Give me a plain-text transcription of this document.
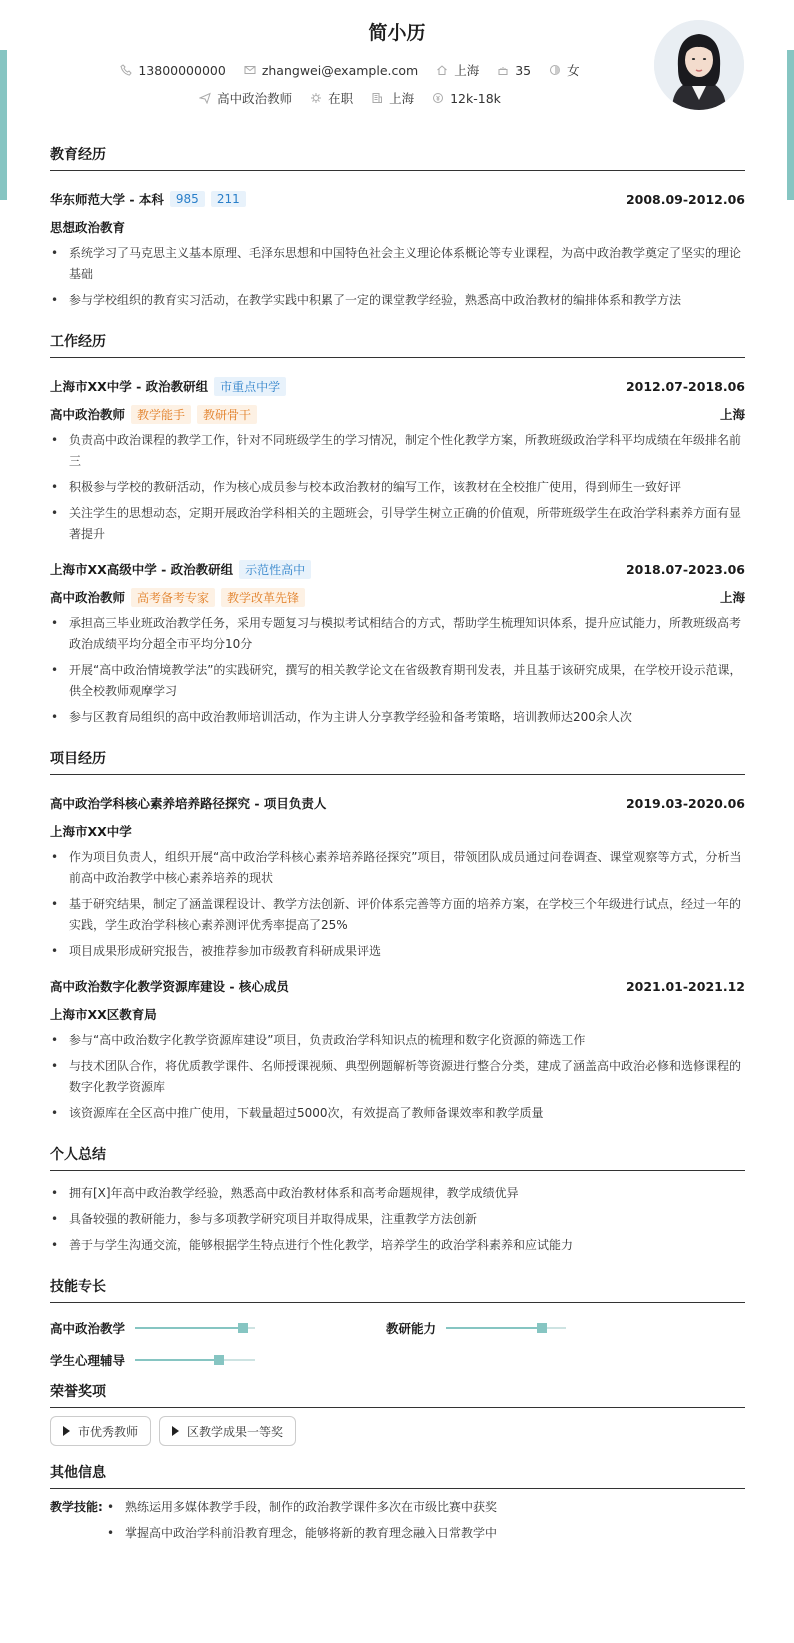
简小历
13800000000	zhangwei@example.com	上海	35	女
高中政治教师	在职	上海	12k-18k
教育经历
华东师范大学 - 本科	985	211	2008.09-2012.06
思想政治教育
• 系统学习了马克思主义基本原理、毛泽东思想和中国特色社会主义理论体系概论等专业课程，为高中政治教学奠定了坚实的理论基础
• 参与学校组织的教育实习活动，在教学实践中积累了一定的课堂教学经验，熟悉高中政治教材的编排体系和教学方法
工作经历
上海市XX中学 - 政治教研组	市重点中学	2012.07-2018.06
高中政治教师	教学能手	教研骨干	上海
• 负责高中政治课程的教学工作，针对不同班级学生的学习情况，制定个性化教学方案，所教班级政治学科平均成绩在年级排名前三
• 积极参与学校的教研活动，作为核心成员参与校本政治教材的编写工作，该教材在全校推广使用，得到师生一致好评
• 关注学生的思想动态，定期开展政治学科相关的主题班会，引导学生树立正确的价值观，所带班级学生在政治学科素养方面有显著提升
上海市XX高级中学 - 政治教研组	示范性高中	2018.07-2023.06
高中政治教师	高考备考专家	教学改革先锋	上海
• 承担高三毕业班政治教学任务，采用专题复习与模拟考试相结合的方式，帮助学生梳理知识体系，提升应试能力，所教班级高考政治成绩平均分超全市平均分10分
• 开展“高中政治情境教学法”的实践研究，撰写的相关教学论文在省级教育期刊发表，并且基于该研究成果，在学校开设示范课，供全校教师观摩学习
• 参与区教育局组织的高中政治教师培训活动，作为主讲人分享教学经验和备考策略，培训教师达200余人次
项目经历
高中政治学科核心素养培养路径探究 - 项目负责人	2019.03-2020.06
上海市XX中学
• 作为项目负责人，组织开展“高中政治学科核心素养培养路径探究”项目，带领团队成员通过问卷调查、课堂观察等方式，分析当前高中政治教学中核心素养培养的现状
• 基于研究结果，制定了涵盖课程设计、教学方法创新、评价体系完善等方面的培养方案，在学校三个年级进行试点，经过一年的实践，学生政治学科核心素养测评优秀率提高了25%
• 项目成果形成研究报告，被推荐参加市级教育科研成果评选
高中政治数字化教学资源库建设 - 核心成员	2021.01-2021.12
上海市XX区教育局
• 参与“高中政治数字化教学资源库建设”项目，负责政治学科知识点的梳理和数字化资源的筛选工作
• 与技术团队合作，将优质教学课件、名师授课视频、典型例题解析等资源进行整合分类，建成了涵盖高中政治必修和选修课程的数字化教学资源库
• 该资源库在全区高中推广使用，下载量超过5000次，有效提高了教师备课效率和教学质量
个人总结
• 拥有[X]年高中政治教学经验，熟悉高中政治教材体系和高考命题规律，教学成绩优异
• 具备较强的教研能力，参与多项教学研究项目并取得成果，注重教学方法创新
• 善于与学生沟通交流，能够根据学生特点进行个性化教学，培养学生的政治学科素养和应试能力
技能专长
高中政治教学	教研能力
学生心理辅导
荣誉奖项
市优秀教师	区教学成果一等奖
其他信息
教学技能:
•	熟练运用多媒体教学手段，制作的政治教学课件多次在市级比赛中获奖
• 掌握高中政治学科前沿教育理念，能够将新的教育理念融入日常教学中
